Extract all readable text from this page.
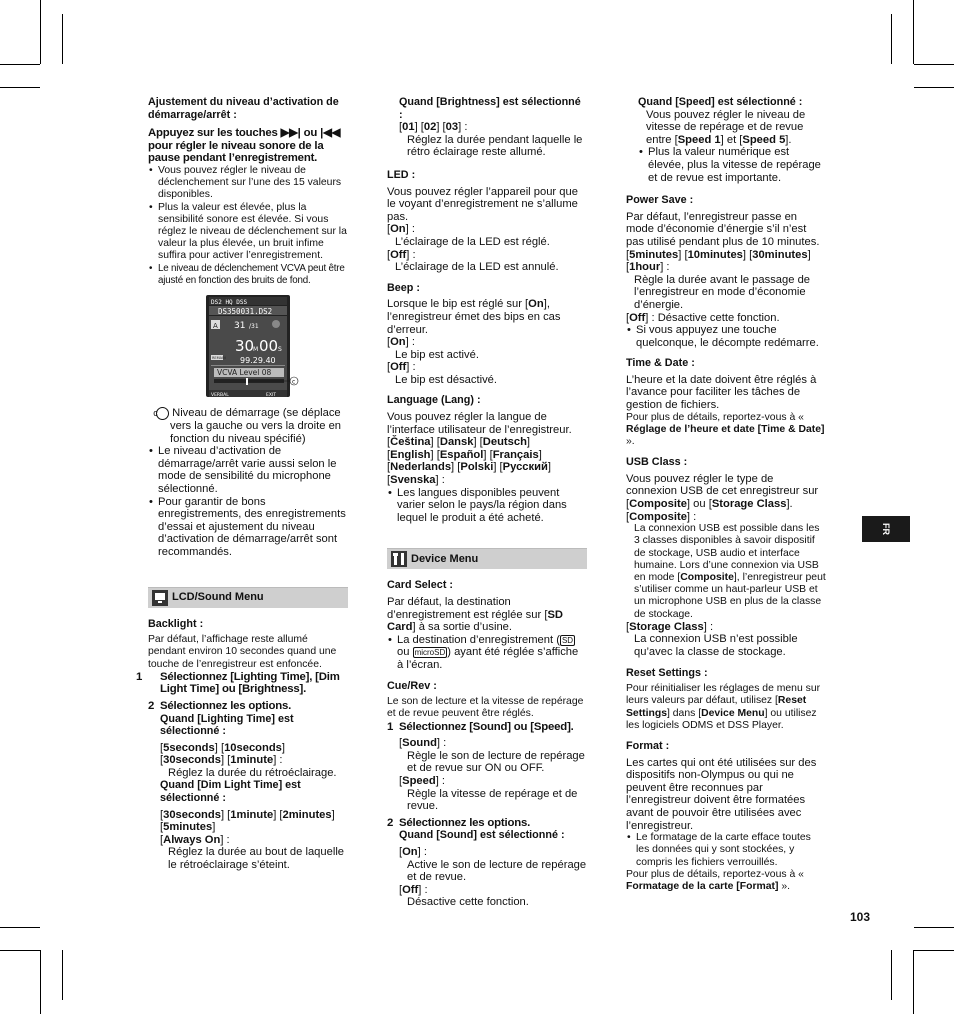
Ajustement du niveau d’activation de démarrage/arrêt :

Appuyez sur les touches ▶▶| ou |◀◀ pour régler le niveau sonore de la pause pendant l’enregistrement.

• Vous pouvez régler le niveau de déclenchement sur l’une des 15 valeurs disponibles.
• Plus la valeur est élevée, plus la sensibilité sonore est élevée. Si vous réglez le niveau de déclenchement sur la valeur la plus élevée, un bruit infime suffira pour activer l’enregistrement.
• Le niveau de déclenchement VCVA peut être ajusté en fonction des bruits de fond.
DS2 HQ DSS
DS350031.DS2
A 31 /31
30
M 00 S
REMAIN 99.29.40
VCVA Level 08
VERBAL	EXIT
c

c Niveau de démarrage (se déplace vers la gauche ou vers la droite en fonction du niveau spécifié)

• Le niveau d’activation de démarrage/arrêt varie aussi selon le mode de sensibilité du microphone sélectionné.
• Pour garantir de bons enregistrements, des enregistrements d’essai et ajustement du niveau d’activation de démarrage/arrêt sont recommandés.
LCD/Sound Menu

Backlight :

Par défaut, l’affichage reste allumé pendant environ 10 secondes quand une touche de l’enregistreur est enfoncée.

1 Sélectionnez [Lighting Time], [Dim Light Time] ou [Brightness].

2 Sélectionnez les options.

Quand [Lighting Time] est sélectionné :

[5seconds] [10seconds] [30seconds] [1minute] :

Réglez la durée du rétroéclairage.

Quand [Dim Light Time] est sélectionné :

[30seconds] [1minute] [2minutes] [5minutes]
[Always On] :

Réglez la durée au bout de laquelle le rétroéclairage s’éteint.

Quand [Brightness] est sélectionné :

[01] [02] [03] :

Réglez la durée pendant laquelle le rétro éclairage reste allumé.

LED :

Vous pouvez régler l’appareil pour que le voyant d’enregistrement ne s’allume pas.

[On] :

L’éclairage de la LED est réglé.

[Off] :

L’éclairage de la LED est annulé.

Beep :

Lorsque le bip est réglé sur [On], l’enregistreur émet des bips en cas d’erreur.

[On] :

Le bip est activé.

[Off] :

Le bip est désactivé.

Language (Lang) :

Vous pouvez régler la langue de l’interface utilisateur de l’enregistreur.

[Čeština] [Dansk] [Deutsch]
[English] [Español] [Français]
[Nederlands] [Polski] [Русский]
[Svenska] :

• Les langues disponibles peuvent varier selon le pays/la région dans lequel le produit a été acheté.
Device Menu

Card Select :

Par défaut, la destination d’enregistrement est réglée sur [SD Card] à sa sortie d’usine.

• La destination d’enregistrement ( SD ou microSD ) ayant été réglée s’affiche à l’écran.

Cue/Rev :

Le son de lecture et la vitesse de repérage et de revue peuvent être réglés.

1 Sélectionnez [Sound] ou [Speed].

[Sound] :

Règle le son de lecture de repérage et de revue sur ON ou OFF.

[Speed] :

Règle la vitesse de repérage et de revue.

2 Sélectionnez les options.

Quand [Sound] est sélectionné :

[On] :

Active le son de lecture de repérage et de revue.

[Off] :

Désactive cette fonction.

Quand [Speed] est sélectionné :

Vous pouvez régler le niveau de vitesse de repérage et de revue entre [Speed 1] et [Speed 5].

• Plus la valeur numérique est élevée, plus la vitesse de repérage et de revue est importante.

Power Save :

Par défaut, l’enregistreur passe en mode d’économie d’énergie s’il n’est pas utilisé pendant plus de 10 minutes.

[5minutes] [10minutes] [30minutes]
[1hour] :

Règle la durée avant le passage de l’enregistreur en mode d’économie d’énergie.

[Off] : Désactive cette fonction.

• Si vous appuyez une touche quelconque, le décompte redémarre.

Time & Date :

L’heure et la date doivent être réglés à l’avance pour faciliter les tâches de gestion de fichiers.

Pour plus de détails, reportez-vous à « Réglage de l’heure et date [Time & Date] ».

USB Class :

Vous pouvez régler le type de connexion USB de cet enregistreur sur [Composite] ou [Storage Class].

[Composite] :

La connexion USB est possible dans les 3 classes disponibles à savoir dispositif de stockage, USB audio et interface humaine. Lors d’une connexion via USB en mode [Composite], l’enregistreur peut s’utiliser comme un haut-parleur USB et un microphone USB en plus de la classe de stockage.

[Storage Class] :

La connexion USB n’est possible qu’avec la classe de stockage.

Reset Settings :

Pour réinitialiser les réglages de menu sur leurs valeurs par défaut, utilisez [Reset Settings] dans [Device Menu] ou utilisez les logiciels ODMS et DSS Player.

Format :

Les cartes qui ont été utilisées sur des dispositifs non-Olympus ou qui ne peuvent être reconnues par l’enregistreur doivent être formatées avant de pouvoir être utilisées avec l’enregistreur.

• Le formatage de la carte efface toutes les données qui y sont stockées, y compris les fichiers verrouillés.

Pour plus de détails, reportez-vous à « Formatage de la carte [Format] ».

FR
103
